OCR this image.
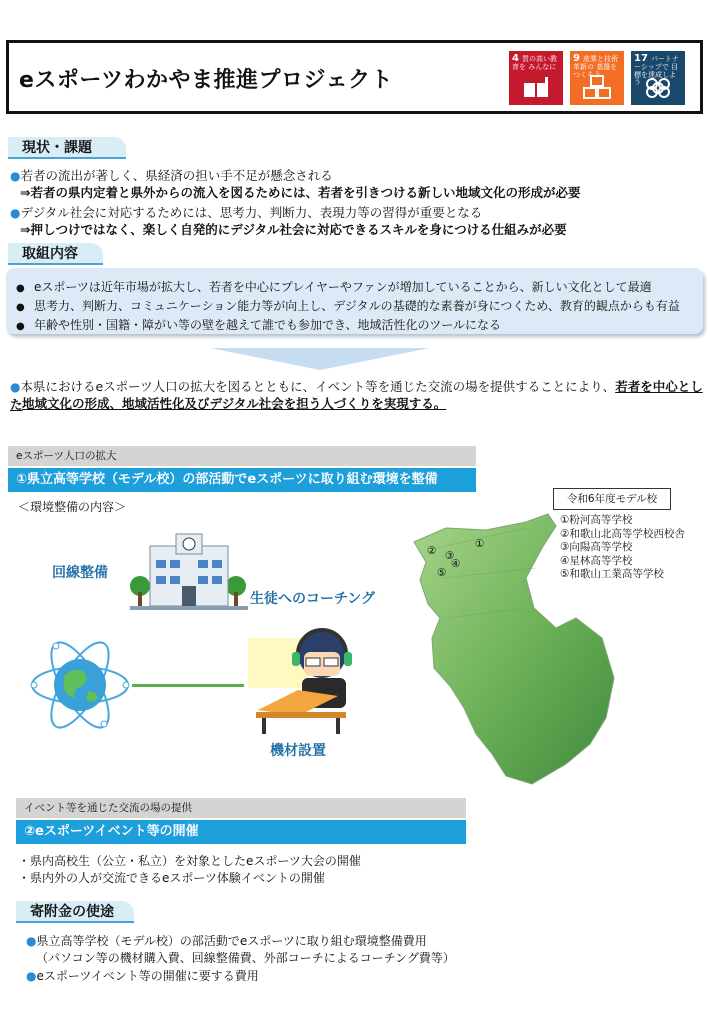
eスポーツわかやま推進プロジェクト
4 質の高い教育を みんなに
9 産業と技術革新の 基盤をつくろう
17 パートナーシップで 目標を達成しよう
現状・課題
●若者の流出が著しく、県経済の担い手不足が懸念される
⇒若者の県内定着と県外からの流入を図るためには、若者を引きつける新しい地域文化の形成が必要
●デジタル社会に対応するためには、思考力、判断力、表現力等の習得が重要となる
⇒押しつけではなく、楽しく自発的にデジタル社会に対応できるスキルを身につける仕組みが必要
取組内容
● eスポーツは近年市場が拡大し、若者を中心にプレイヤーやファンが増加していることから、新しい文化として最適
● 思考力、判断力、コミュニケーション能力等が向上し、デジタルの基礎的な素養が身につくため、教育的観点からも有益
● 年齢や性別・国籍・障がい等の壁を越えて誰でも参加でき、地域活性化のツールになる
●本県におけるeスポーツ人口の拡大を図るとともに、イベント等を通じた交流の場を提供することにより、若者を中心とした 地域文化の形成、地域活性化及びデジタル社会を担う人づくりを実現する。
eスポーツ人口の拡大
①県立高等学校（モデル校）の部活動でeスポーツに取り組む環境を整備
＜環境整備の内容＞
回線整備
生徒へのコーチング
機材設置
①
② ③
④
⑤
令和6年度モデル校
①粉河高等学校
②和歌山北高等学校西校舎
③向陽高等学校
④星林高等学校
⑤和歌山工業高等学校
イベント等を通じた交流の場の提供
②eスポーツイベント等の開催
・県内高校生（公立・私立）を対象としたeスポーツ大会の開催
・県内外の人が交流できるeスポーツ体験イベントの開催
寄附金の使途
●県立高等学校（モデル校）の部活動でeスポーツに取り組む環境整備費用
（パソコン等の機材購入費、回線整備費、外部コーチによるコーチング費等）
●eスポーツイベント等の開催に要する費用
